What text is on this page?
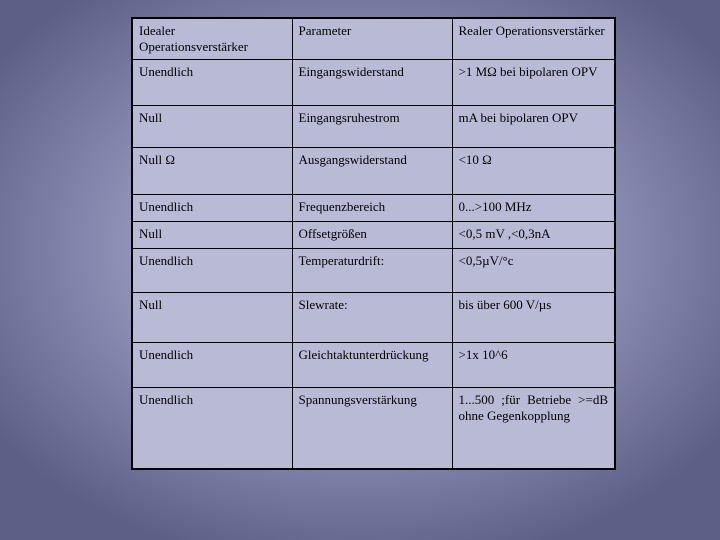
Idealer Operationsverstärker	Parameter	Realer Operationsverstärker
Unendlich	Eingangswiderstand	>1 MΩ bei bipolaren OPV
Null	Eingangsruhestrom	mA bei bipolaren OPV
Null Ω	Ausgangswiderstand	<10 Ω
Unendlich	Frequenzbereich	0...>100 MHz
Null	Offsetgrößen	<0,5 mV ,<0,3nA
Unendlich	Temperaturdrift:	<0,5µV/°c
Null	Slewrate:	bis über 600 V/µs
Unendlich	Gleichtaktunterdrückung	>1x 10^6
Unendlich	Spannungsverstärkung	1...500 ;für Betriebe >=dB ohne Gegenkopplung
